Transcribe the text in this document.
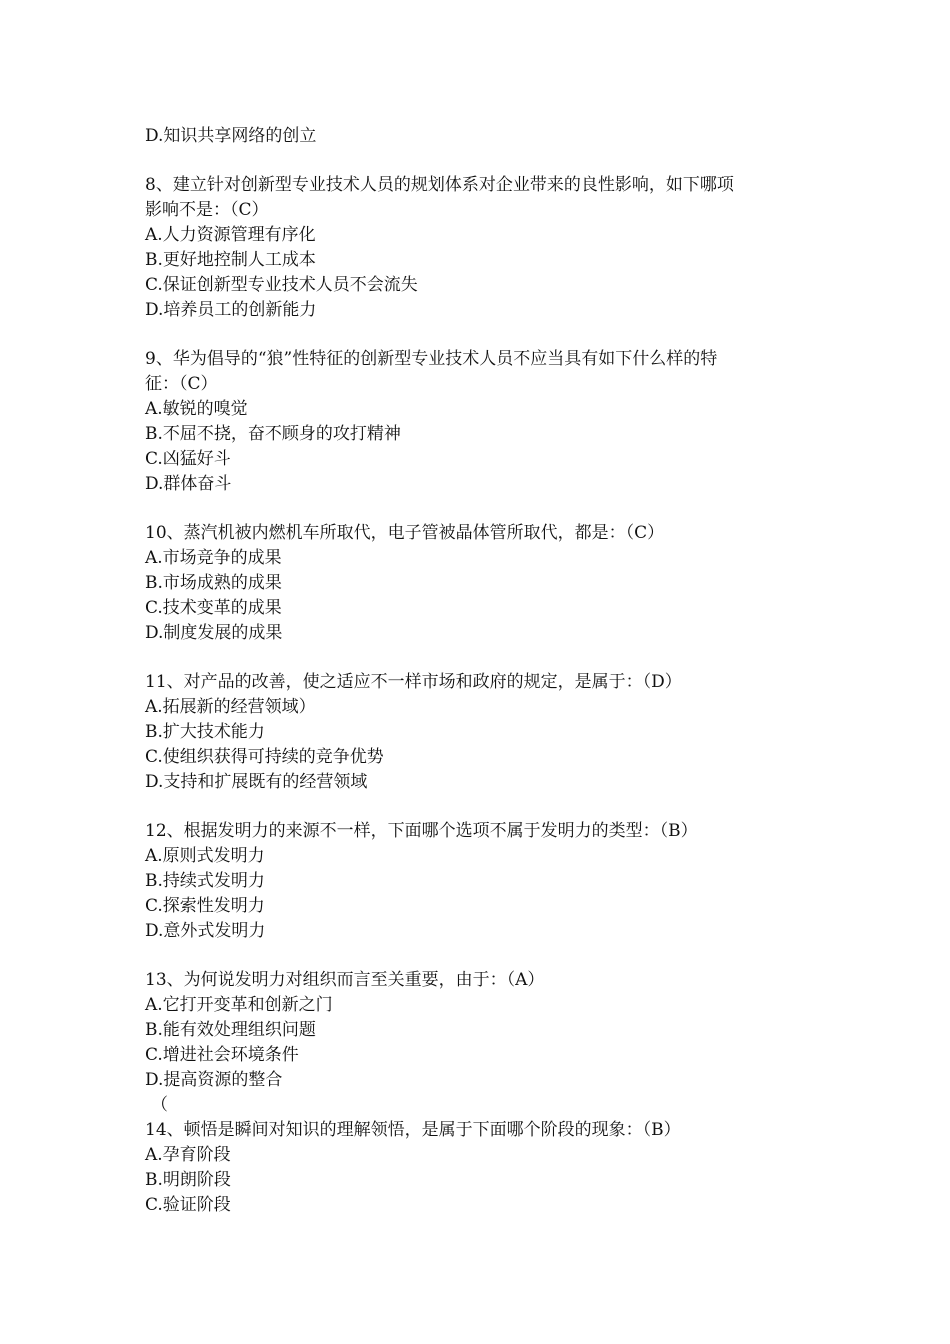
D.知识共享网络的创立
8、建立针对创新型专业技术人员的规划体系对企业带来的良性影响，如下哪项
影响不是：（C）
A.人力资源管理有序化
B.更好地控制人工成本
C.保证创新型专业技术人员不会流失
D.培养员工的创新能力
9、华为倡导的“狼”性特征的创新型专业技术人员不应当具有如下什么样的特
征：（C）
A.敏锐的嗅觉
B.不屈不挠，奋不顾身的攻打精神
C.凶猛好斗
D.群体奋斗
10、蒸汽机被内燃机车所取代，电子管被晶体管所取代，都是：（C）
A.市场竞争的成果
B.市场成熟的成果
C.技术变革的成果
D.制度发展的成果
11、对产品的改善，使之适应不一样市场和政府的规定，是属于：（D）
A.拓展新的经营领域）
B.扩大技术能力
C.使组织获得可持续的竞争优势
D.支持和扩展既有的经营领域
12、根据发明力的来源不一样，下面哪个选项不属于发明力的类型：（B）
A.原则式发明力
B.持续式发明力
C.探索性发明力
D.意外式发明力
13、为何说发明力对组织而言至关重要，由于：（A）
A.它打开变革和创新之门
B.能有效处理组织问题
C.增进社会环境条件
D.提高资源的整合
（
14、顿悟是瞬间对知识的理解领悟，是属于下面哪个阶段的现象：（B）
A.孕育阶段
B.明朗阶段
C.验证阶段
